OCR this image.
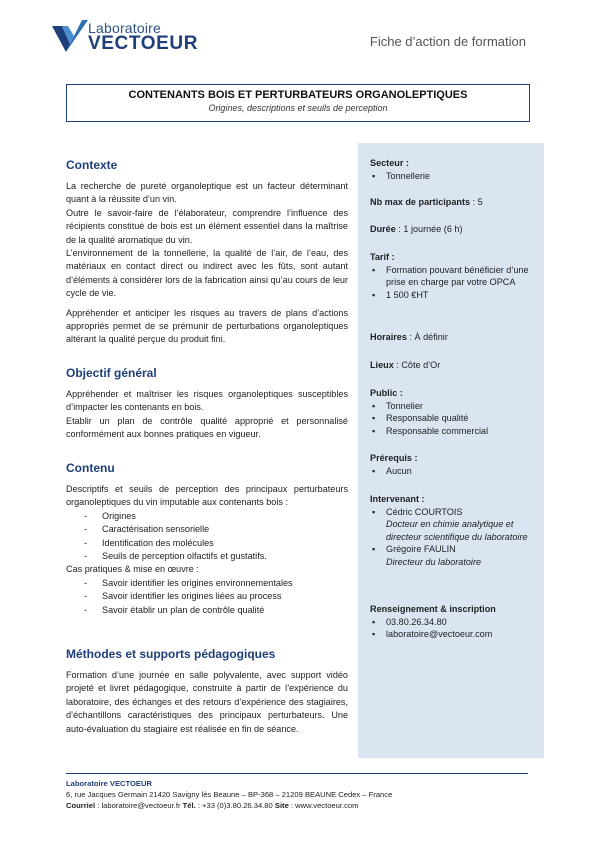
Laboratoire
VECTOEUR	Fiche d’action de formation
CONTENANTS BOIS ET PERTURBATEURS ORGANOLEPTIQUES
Origines, descriptions et seuils de perception
Contexte

La recherche de pureté organoleptique est un facteur déterminant quant à la réussite d’un vin.

Outre le savoir-faire de l’élaborateur, comprendre l’influence des récipients constitué de bois est un élément essentiel dans la maîtrise de la qualité aromatique du vin.

L’environnement de la tonnellerie, la qualité de l’air, de l’eau, des matériaux en contact direct ou indirect avec les fûts, sont autant d’éléments à considérer lors de la fabrication ainsi qu’au cours de leur cycle de vie.

Appréhender et anticiper les risques au travers de plans d’actions appropriés permet de se prémunir de perturbations organoleptiques altérant la qualité perçue du produit fini.

Objectif général

Appréhender et maîtriser les risques organoleptiques susceptibles d’impacter les contenants en bois.

Etablir un plan de contrôle qualité approprié et personnalisé conformément aux bonnes pratiques en vigueur.

Contenu

Descriptifs et seuils de perception des principaux perturbateurs organoleptiques du vin imputable aux contenants bois :

- Origines
- Caractérisation sensorielle
- Identification des molécules
- Seuils de perception olfactifs et gustatifs.

Cas pratiques & mise en œuvre :

- Savoir identifier les origines environnementales
- Savoir identifier les origines liées au process
- Savoir établir un plan de contrôle qualité
Méthodes et supports pédagogiques

Formation d’une journée en salle polyvalente, avec support vidéo projeté et livret pédagogique, construite à partir de l’expérience du laboratoire, des échanges et des retours d’expérience des stagiaires, d’échantillons caractéristiques des principaux perturbateurs. Une auto-évaluation du stagiaire est réalisée en fin de séance.

Secteur :
▪ Tonnellerie
Nb max de participants : 5
Durée : 1 journée (6 h)
Tarif :
▪ Formation pouvant bénéficier d’une prise en charge par votre OPCA
▪ 1 500 €HT
Horaires : À définir
Lieux : Côte d’Or
Public :
▪ Tonnelier
▪ Responsable qualité
▪ Responsable commercial
Prérequis :
▪ Aucun
Intervenant :
▪ Cédric COURTOIS
Docteur en chimie analytique et directeur scientifique du laboratoire
▪ Grégoire FAULIN
Directeur du laboratoire
Renseignement & inscription
▪ 03.80.26.34.80
▪ laboratoire@vectoeur.com
Laboratoire VECTOEUR
6, rue Jacques Germain 21420 Savigny lès Beaune – BP-368 – 21209 BEAUNE Cedex – France
Courriel : laboratoire@vectoeur.fr Tél. : +33 (0)3.80.26.34.80 Site : www.vectoeur.com
